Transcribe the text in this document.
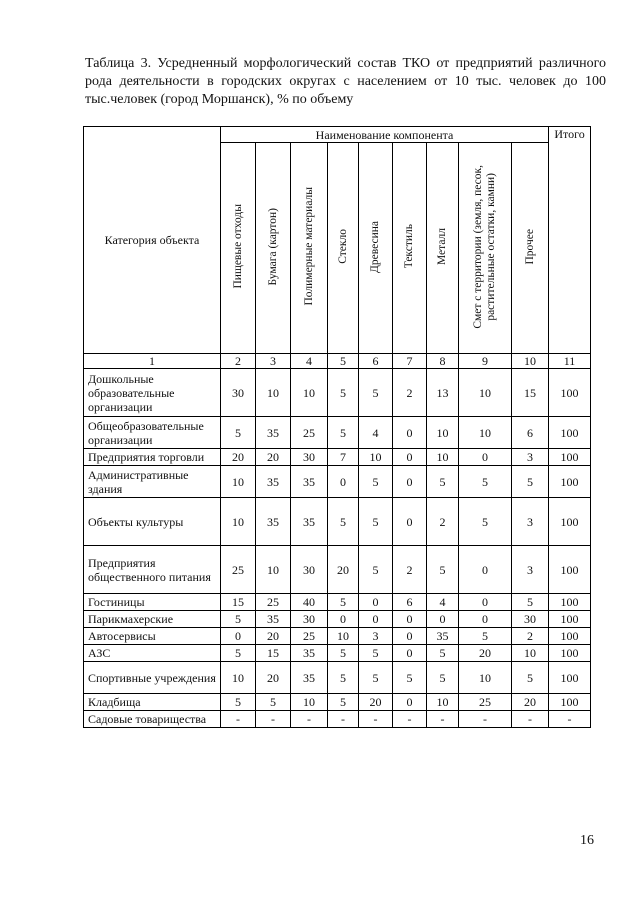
Таблица 3. Усредненный морфологический состав ТКО от предприятий различного рода деятельности в городских округах с населением от 10 тыс. человек до 100 тыс.человек (город Моршанск), % по объему
Категория объекта	Наименование компонента									Итого
	Пищевые отходы	Бумага (картон)	Полимерные материалы	Стекло	Древесина	Текстиль	Металл	Смет с территории (земля, песок,
растительные остатки, камни)	Прочее	
1	2	3	4	5	6	7	8	9	10	11
Дошкольные образовательные организации	30	10	10	5	5	2	13	10	15	100
Общеобразовательные организации	5	35	25	5	4	0	10	10	6	100
Предприятия торговли	20	20	30	7	10	0	10	0	3	100
Административные здания	10	35	35	0	5	0	5	5	5	100
Объекты культуры	10	35	35	5	5	0	2	5	3	100
Предприятия общественного питания	25	10	30	20	5	2	5	0	3	100
Гостиницы	15	25	40	5	0	6	4	0	5	100
Парикмахерские	5	35	30	0	0	0	0	0	30	100
Автосервисы	0	20	25	10	3	0	35	5	2	100
АЗС	5	15	35	5	5	0	5	20	10	100
Спортивные учреждения	10	20	35	5	5	5	5	10	5	100
Кладбища	5	5	10	5	20	0	10	25	20	100
Садовые товарищества	-	-	-	-	-	-	-	-	-	-
16
